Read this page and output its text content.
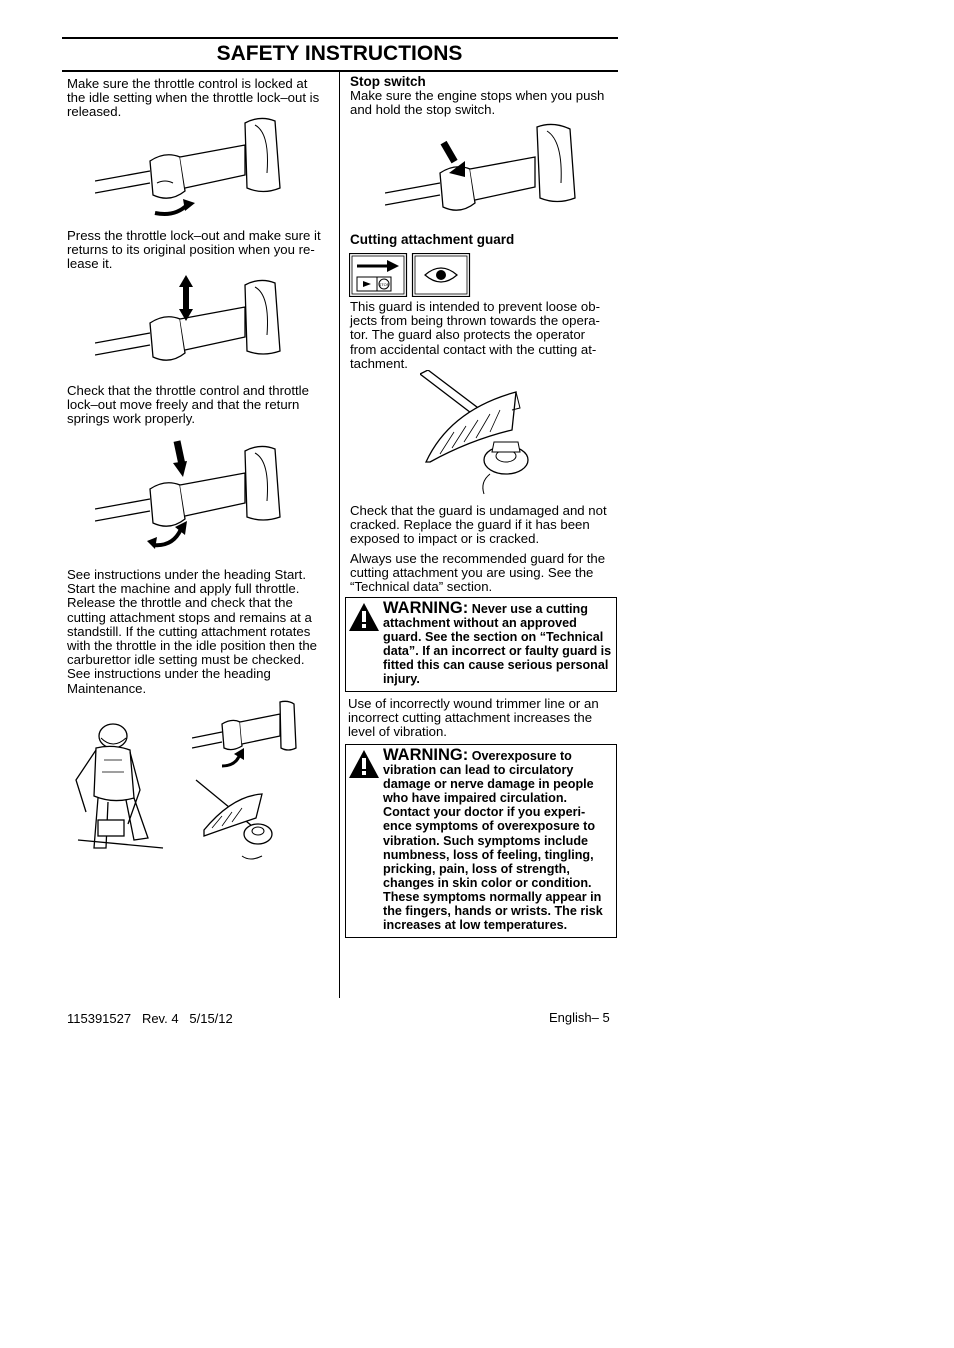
SAFETY INSTRUCTIONS

Make sure the throttle control is locked at the idle setting when the throttle lock–out is released.

Press the throttle lock–out and make sure it returns to its original position when you re- lease it.

Check that the throttle control and throttle lock–out move freely and that the return springs work properly.

See instructions under the heading Start. Start the machine and apply full throttle. Release the throttle and check that the cutting attachment stops and remains at a standstill. If the cutting attachment rotates with the throttle in the idle position then the carburettor idle setting must be checked. See instructions under the heading Maintenance.

Stop switch

Make sure the engine stops when you push and hold the stop switch.

Cutting attachment guard

STOP

This guard is intended to prevent loose ob- jects from being thrown towards the opera- tor. The guard also protects the operator from accidental contact with the cutting at- tachment.

Check that the guard is undamaged and not cracked. Replace the guard if it has been exposed to impact or is cracked.

Always use the recommended guard for the cutting attachment you are using. See the “Technical data” section.

WARNING: Never use a cutting attachment without an approved guard. See the section on “Technical data”. If an incorrect or faulty guard is fitted this can cause serious personal injury.

Use of incorrectly wound trimmer line or an incorrect cutting attachment increases the level of vibration.

WARNING: Overexposure to vibration can lead to circulatory damage or nerve damage in people who have impaired circulation. Contact your doctor if you experi- ence symptoms of overexposure to vibration. Such symptoms include numbness, loss of feeling, tingling, pricking, pain, loss of strength, changes in skin color or condition. These symptoms normally appear in the fingers, hands or wrists. The risk increases at low temperatures.
115391527   Rev. 4   5/15/12	English– 5
